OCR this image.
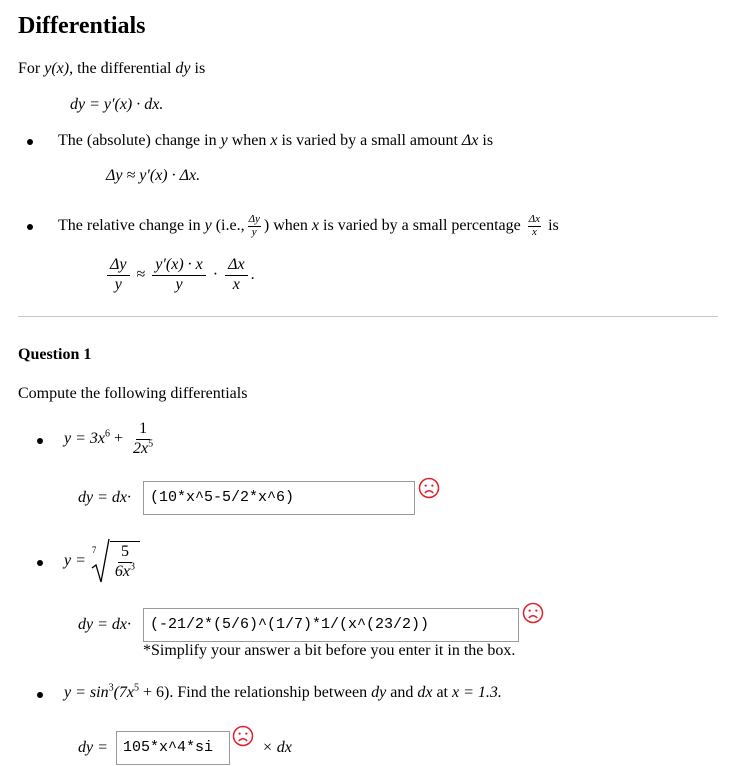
Differentials
For y(x), the differential dy is
dy = y′(x) · dx.
The (absolute) change in y when x is varied by a small amount Δx is
Δy ≈ y′(x) · Δx.
The relative change in y (i.e., $\frac{\Delta y}{y}$ ) when x is varied by a small percentage $\frac{\Delta x}{x}$ is
$\frac{\Delta y}{y} \approx \frac{y'(x) \cdot x}{y} \cdot \frac{\Delta x}{x}$ .
Question 1
Compute the following differentials
$y = 3x^6 + \frac{1}{2x^5}$
dy = dx·	(10*x^5-5/2*x^6)
y =
$7 \frac{5}{6x^3}$
dy = dx·	(-21/2*(5/6)^(1/7)*1/(x^(23/2))
*Simplify your answer a bit before you enter it in the box.
$y = \sin^3(7x^5 + 6)$. Find the relationship between dy and dx at x = 1.3.
dy =	105*x^4*si	× dx
